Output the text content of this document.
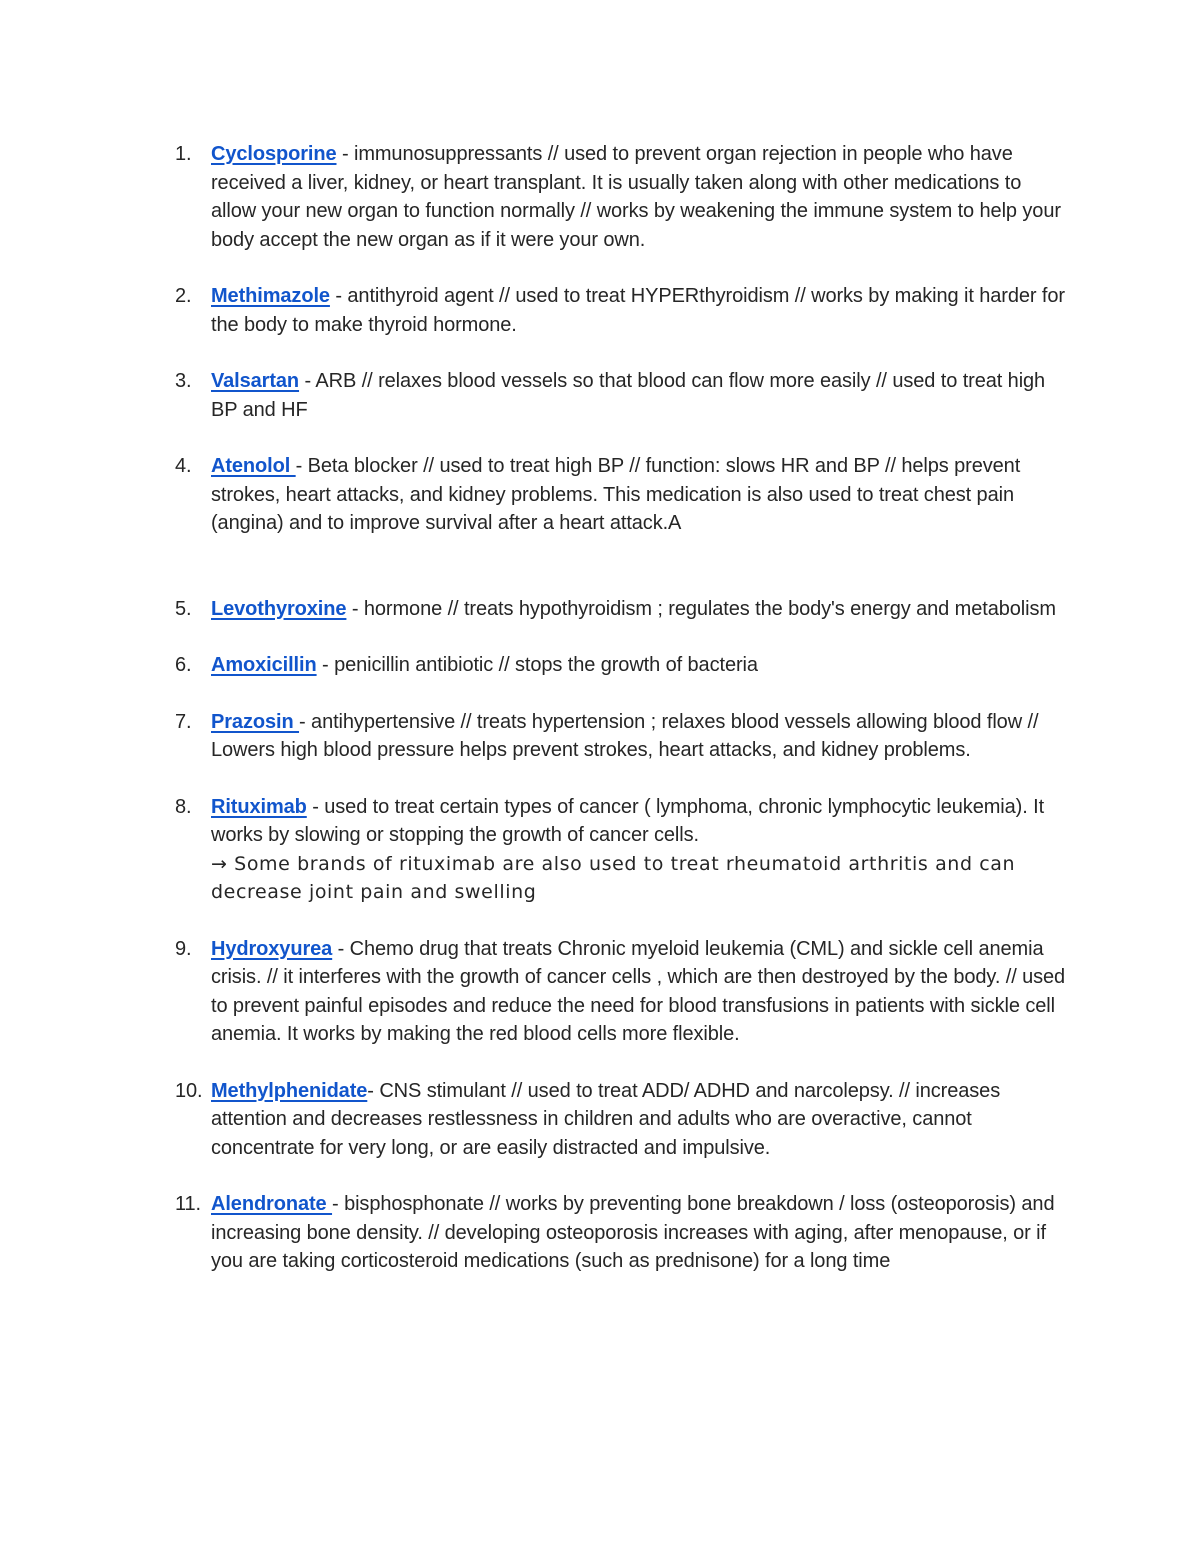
1. Cyclosporine - immunosuppressants // used to prevent organ rejection in people who have received a liver, kidney, or heart transplant. It is usually taken along with other medications to allow your new organ to function normally // works by weakening the immune system to help your body accept the new organ as if it were your own.
2. Methimazole - antithyroid agent // used to treat HYPERthyroidism // works by making it harder for the body to make thyroid hormone.
3. Valsartan - ARB // relaxes blood vessels so that blood can flow more easily // used to treat high BP and HF
4. Atenolol - Beta blocker // used to treat high BP // function: slows HR and BP // helps prevent strokes, heart attacks, and kidney problems. This medication is also used to treat chest pain (angina) and to improve survival after a heart attack.A
5. Levothyroxine - hormone // treats hypothyroidism ; regulates the body's energy and metabolism
6. Amoxicillin - penicillin antibiotic // stops the growth of bacteria
7. Prazosin - antihypertensive // treats hypertension ; relaxes blood vessels allowing blood flow // Lowers high blood pressure helps prevent strokes, heart attacks, and kidney problems.
8. Rituximab - used to treat certain types of cancer ( lymphoma, chronic lymphocytic leukemia). It works by slowing or stopping the growth of cancer cells.
→ Some brands of rituximab are also used to treat rheumatoid arthritis and can decrease joint pain and swelling
9. Hydroxyurea - Chemo drug that treats Chronic myeloid leukemia (CML) and sickle cell anemia crisis. // it interferes with the growth of cancer cells , which are then destroyed by the body. // used to prevent painful episodes and reduce the need for blood transfusions in patients with sickle cell anemia. It works by making the red blood cells more flexible.
10. Methylphenidate- CNS stimulant // used to treat ADD/ ADHD and narcolepsy. // increases attention and decreases restlessness in children and adults who are overactive, cannot concentrate for very long, or are easily distracted and impulsive.
11. Alendronate - bisphosphonate // works by preventing bone breakdown / loss (osteoporosis) and increasing bone density. // developing osteoporosis increases with aging, after menopause, or if you are taking corticosteroid medications (such as prednisone) for a long time
